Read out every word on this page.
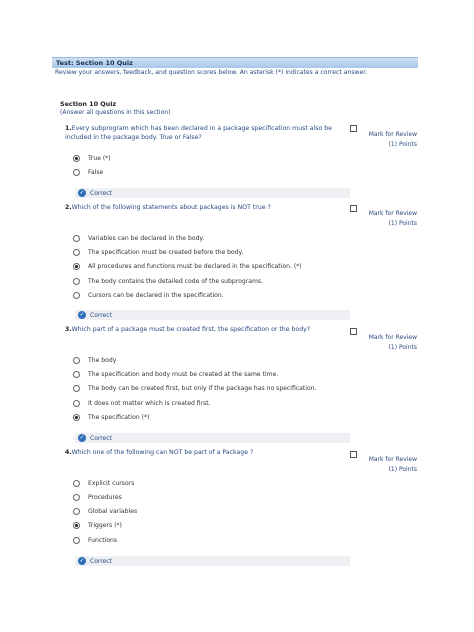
Test: Section 10 Quiz
Review your answers, feedback, and question scores below. An asterisk (*) indicates a correct answer.
Section 10 Quiz
(Answer all questions in this section)
1.Every subprogram which has been declared in a package specification must also be included in the package body. True or False?	Mark for Review
(1) Points
True (*)
False
✓ Correct
2.Which of the following statements about packages is NOT true ?
Mark for Review
(1) Points
Variables can be declared in the body.
The specification must be created before the body.
All procedures and functions must be declared in the specification. (*)
The body contains the detailed code of the subprograms.
Cursors can be declared in the specification.
✓ Correct
3.Which part of a package must be created first, the specification or the body?
Mark for Review
(1) Points
The body
The specification and body must be created at the same time.
The body can be created first, but only if the package has no specification.
It does not matter which is created first.
The specification (*)
✓ Correct
4.Which one of the following can NOT be part of a Package ?
Mark for Review
(1) Points
Explicit cursors
Procedures
Global variables
Triggers (*)
Functions
✓ Correct
